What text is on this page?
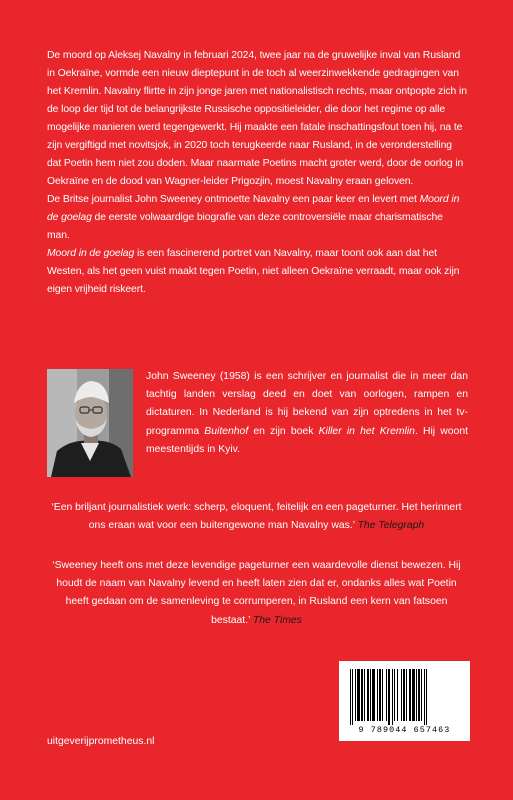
De moord op Aleksej Navalny in februari 2024, twee jaar na de gruwelijke inval van Rusland in Oekraïne, vormde een nieuw dieptepunt in de toch al weerzinwekkende gedragingen van het Kremlin. Navalny flirtte in zijn jonge jaren met nationalistisch rechts, maar ontpopte zich in de loop der tijd tot de belangrijkste Russische oppositieleider, die door het regime op alle mogelijke manieren werd tegengewerkt. Hij maakte een fatale inschattingsfout toen hij, na te zijn vergiftigd met novitsjok, in 2020 toch terugkeerde naar Rusland, in de veronderstelling dat Poetin hem niet zou doden. Maar naarmate Poetins macht groter werd, door de oorlog in Oekraïne en de dood van Wagner-leider Prigozjin, moest Navalny eraan geloven.

De Britse journalist John Sweeney ontmoette Navalny een paar keer en levert met Moord in de goelag de eerste volwaardige biografie van deze controversiële maar charismatische man.

Moord in de goelag is een fascinerend portret van Navalny, maar toont ook aan dat het Westen, als het geen vuist maakt tegen Poetin, niet alleen Oekraïne verraadt, maar ook zijn eigen vrijheid riskeert.

John Sweeney (1958) is een schrijver en journalist die in meer dan tachtig landen verslag deed en doet van oorlogen, rampen en dictaturen. In Nederland is hij bekend van zijn optredens in het tv-programma Buitenhof en zijn boek Killer in het Kremlin. Hij woont meestentijds in Kyiv.

‘Een briljant journalistiek werk: scherp, eloquent, feitelijk en een pageturner. Het herinnert ons eraan wat voor een buitengewone man Navalny was.’ The Telegraph

‘Sweeney heeft ons met deze levendige pageturner een waardevolle dienst bewezen. Hij houdt de naam van Navalny levend en heeft laten zien dat er, ondanks alles wat Poetin heeft gedaan om de samenleving te corrumperen, in Rusland een kern van fatsoen bestaat.’ The Times

uitgeverijprometheus.nl
9 789044 657463
